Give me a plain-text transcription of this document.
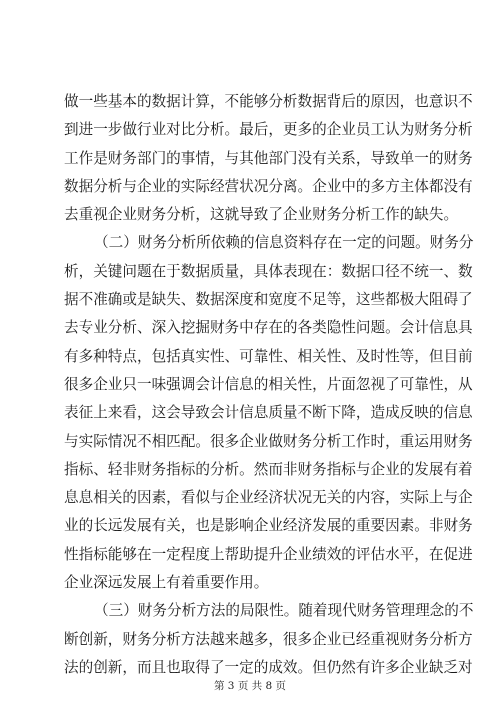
做一些基本的数据计算，不能够分析数据背后的原因，也意识不
到进一步做行业对比分析。最后，更多的企业员工认为财务分析
工作是财务部门的事情，与其他部门没有关系，导致单一的财务
数据分析与企业的实际经营状况分离。企业中的多方主体都没有
去重视企业财务分析，这就导致了企业财务分析工作的缺失。
（二）财务分析所依赖的信息资料存在一定的问题。财务分
析，关键问题在于数据质量，具体表现在：数据口径不统一、数
据不准确或是缺失、数据深度和宽度不足等，这些都极大阻碍了
去专业分析、深入挖掘财务中存在的各类隐性问题。会计信息具
有多种特点，包括真实性、可靠性、相关性、及时性等，但目前
很多企业只一味强调会计信息的相关性，片面忽视了可靠性，从
表征上来看，这会导致会计信息质量不断下降，造成反映的信息
与实际情况不相匹配。很多企业做财务分析工作时，重运用财务
指标、轻非财务指标的分析。然而非财务指标与企业的发展有着
息息相关的因素，看似与企业经济状况无关的内容，实际上与企
业的长远发展有关，也是影响企业经济发展的重要因素。非财务
性指标能够在一定程度上帮助提升企业绩效的评估水平，在促进
企业深远发展上有着重要作用。
（三）财务分析方法的局限性。随着现代财务管理理念的不
断创新，财务分析方法越来越多，很多企业已经重视财务分析方
法的创新，而且也取得了一定的成效。但仍然有许多企业缺乏对
第 3 页 共 8 页
